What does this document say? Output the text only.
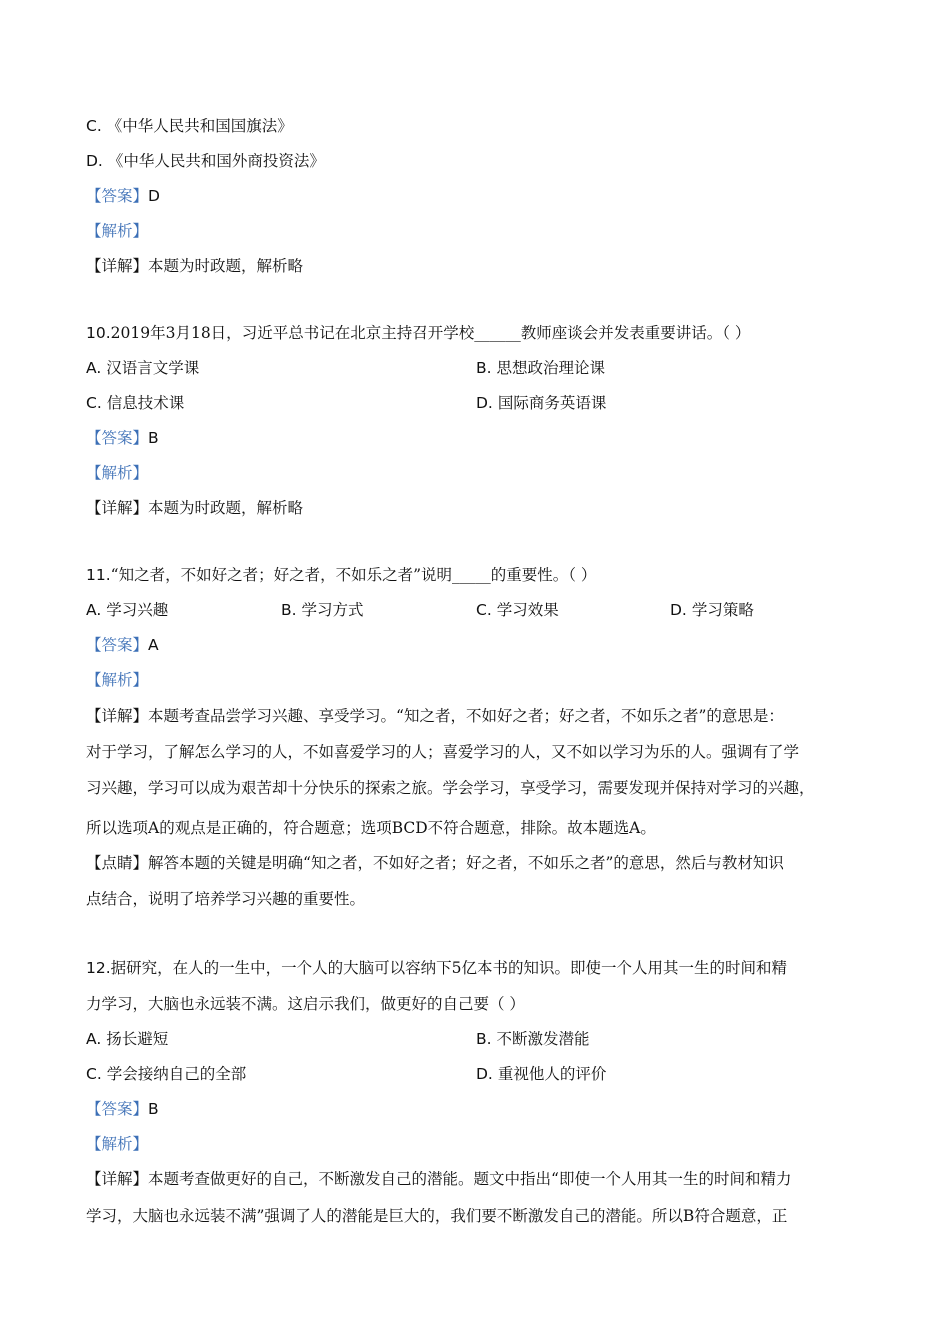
C. 《中华人民共和国国旗法》
D. 《中华人民共和国外商投资法》
【答案】D
【解析】
【详解】本题为时政题，解析略
10.2019年3月18日，习近平总书记在北京主持召开学校______教师座谈会并发表重要讲话。（ ）
A. 汉语言文学课	B. 思想政治理论课
C. 信息技术课	D. 国际商务英语课
【答案】B
【解析】
【详解】本题为时政题，解析略
11.“知之者，不如好之者；好之者，不如乐之者”说明_____的重要性。（ ）
A. 学习兴趣	B. 学习方式	C. 学习效果	D. 学习策略
【答案】A
【解析】
【详解】本题考查品尝学习兴趣、享受学习。“知之者，不如好之者；好之者，不如乐之者”的意思是：
对于学习，了解怎么学习的人，不如喜爱学习的人；喜爱学习的人，又不如以学习为乐的人。强调有了学
习兴趣，学习可以成为艰苦却十分快乐的探索之旅。学会学习，享受学习，需要发现并保持对学习的兴趣，
所以选项A的观点是正确的，符合题意；选项BCD不符合题意，排除。故本题选A。
【点睛】解答本题的关键是明确“知之者，不如好之者；好之者，不如乐之者”的意思，然后与教材知识
点结合，说明了培养学习兴趣的重要性。
12.据研究，在人的一生中，一个人的大脑可以容纳下5亿本书的知识。即使一个人用其一生的时间和精
力学习，大脑也永远装不满。这启示我们，做更好的自己要（ ）
A. 扬长避短	B. 不断激发潜能
C. 学会接纳自己的全部	D. 重视他人的评价
【答案】B
【解析】
【详解】本题考查做更好的自己，不断激发自己的潜能。题文中指出“即使一个人用其一生的时间和精力
学习，大脑也永远装不满”强调了人的潜能是巨大的，我们要不断激发自己的潜能。所以B符合题意，正
